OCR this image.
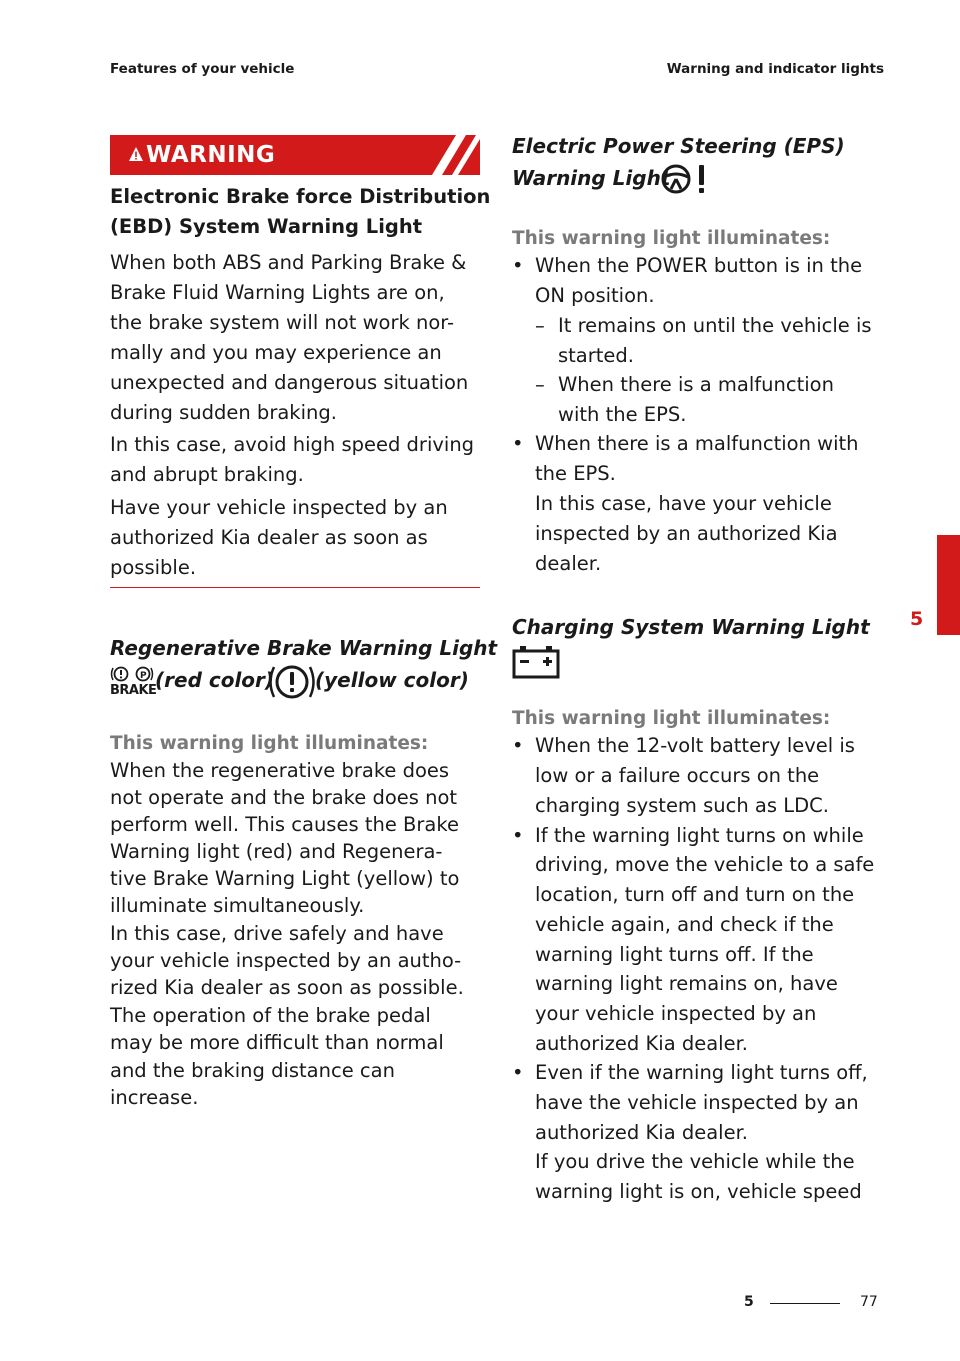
Features of your vehicle	Warning and indicator lights
WARNING
Electronic Brake force Distribution
(EBD) System Warning Light
When both ABS and Parking Brake &
Brake Fluid Warning Lights are on,
the brake system will not work nor-
mally and you may experience an
unexpected and dangerous situation
during sudden braking.
In this case, avoid high speed driving
and abrupt braking.
Have your vehicle inspected by an
authorized Kia dealer as soon as
possible.
Regenerative Brake Warning Light
P
BRAKE
(red color) (yellow color)
This warning light illuminates:
When the regenerative brake does
not operate and the brake does not
perform well. This causes the Brake
Warning light (red) and Regenera-
tive Brake Warning Light (yellow) to
illuminate simultaneously.
In this case, drive safely and have
your vehicle inspected by an autho-
rized Kia dealer as soon as possible.
The operation of the brake pedal
may be more difficult than normal
and the braking distance can
increase.
Electric Power Steering (EPS)
Warning Light
This warning light illuminates:
• When the POWER button is in the
ON position.
– It remains on until the vehicle is
started.
– When there is a malfunction
with the EPS.
• When there is a malfunction with
the EPS.
In this case, have your vehicle
inspected by an authorized Kia
dealer.
Charging System Warning Light
This warning light illuminates:
• When the 12-volt battery level is
low or a failure occurs on the
charging system such as LDC.
• If the warning light turns on while
driving, move the vehicle to a safe
location, turn off and turn on the
vehicle again, and check if the
warning light turns off. If the
warning light remains on, have
your vehicle inspected by an
authorized Kia dealer.
• Even if the warning light turns off,
have the vehicle inspected by an
authorized Kia dealer.
If you drive the vehicle while the
warning light is on, vehicle speed
5
5	77
